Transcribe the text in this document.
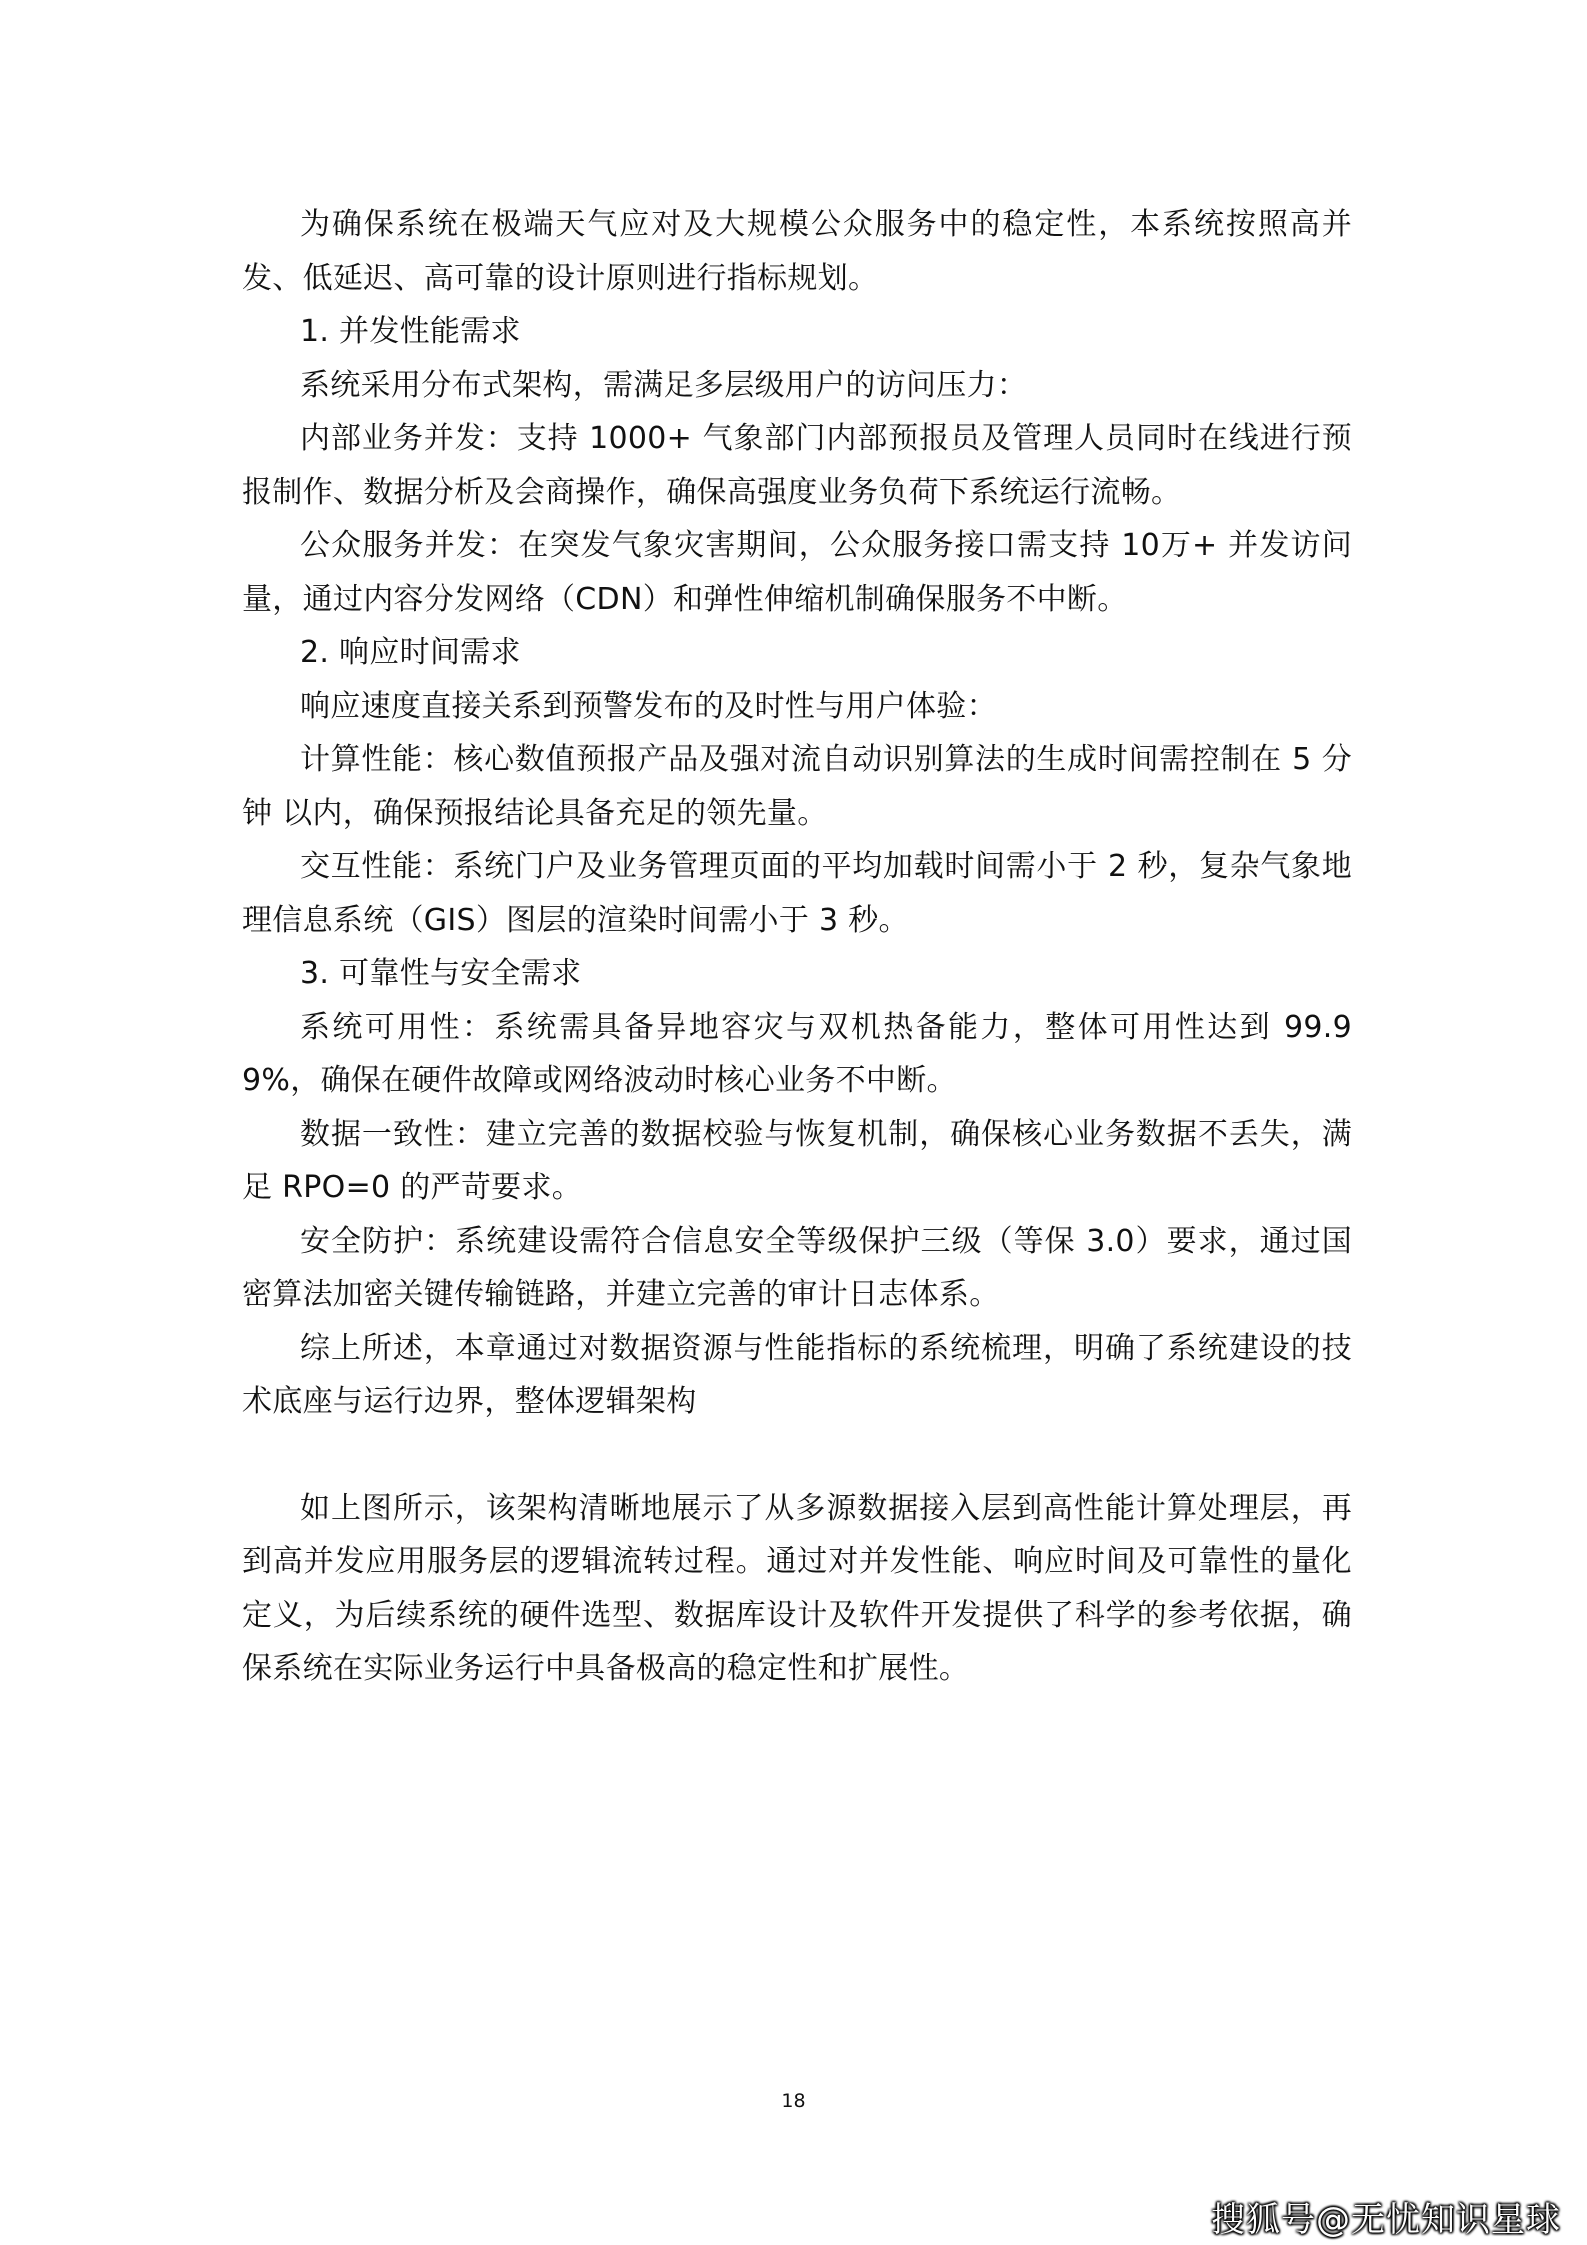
为确保系统在极端天气应对及大规模公众服务中的稳定性，本系统按照高并发、低延迟、高可靠的设计原则进行指标规划。

1. 并发性能需求

系统采用分布式架构，需满足多层级用户的访问压力：

内部业务并发：支持 1000+ 气象部门内部预报员及管理人员同时在线进行预报制作、数据分析及会商操作，确保高强度业务负荷下系统运行流畅。

公众服务并发：在突发气象灾害期间，公众服务接口需支持 10万+ 并发访问量，通过内容分发网络（CDN）和弹性伸缩机制确保服务不中断。

2. 响应时间需求

响应速度直接关系到预警发布的及时性与用户体验：

计算性能：核心数值预报产品及强对流自动识别算法的生成时间需控制在 5 分钟 以内，确保预报结论具备充足的领先量。

交互性能：系统门户及业务管理页面的平均加载时间需小于 2 秒，复杂气象地理信息系统（GIS）图层的渲染时间需小于 3 秒。

3. 可靠性与安全需求

系统可用性：系统需具备异地容灾与双机热备能力，整体可用性达到 99.99%，确保在硬件故障或网络波动时核心业务不中断。

数据一致性：建立完善的数据校验与恢复机制，确保核心业务数据不丢失，满足 RPO=0 的严苛要求。

安全防护：系统建设需符合信息安全等级保护三级（等保 3.0）要求，通过国密算法加密关键传输链路，并建立完善的审计日志体系。

综上所述，本章通过对数据资源与性能指标的系统梳理，明确了系统建设的技术底座与运行边界，整体逻辑架构

如上图所示，该架构清晰地展示了从多源数据接入层到高性能计算处理层，再到高并发应用服务层的逻辑流转过程。通过对并发性能、响应时间及可靠性的量化定义，为后续系统的硬件选型、数据库设计及软件开发提供了科学的参考依据，确保系统在实际业务运行中具备极高的稳定性和扩展性。

18
搜狐号@无忧知识星球
